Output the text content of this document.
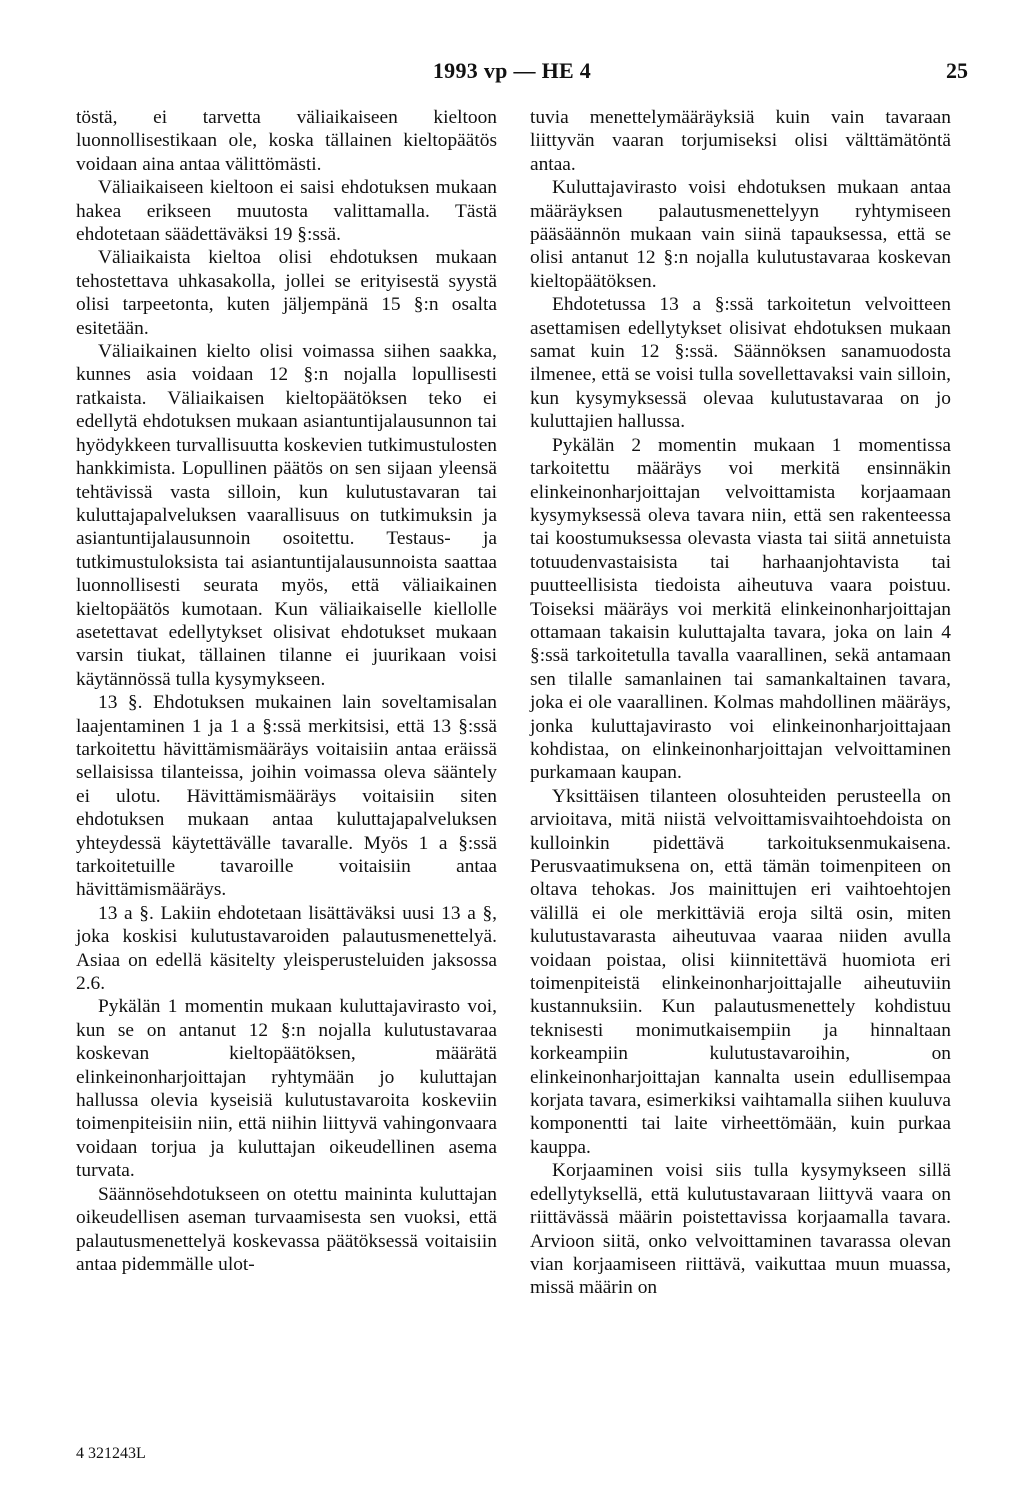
1993 vp — HE 4	25

töstä, ei tarvetta väliaikaiseen kieltoon luonnollisestikaan ole, koska tällainen kieltopäätös voidaan aina antaa välittömästi.

Väliaikaiseen kieltoon ei saisi ehdotuksen mukaan hakea erikseen muutosta valittamalla. Tästä ehdotetaan säädettäväksi 19 §:ssä.

Väliaikaista kieltoa olisi ehdotuksen mukaan tehostettava uhkasakolla, jollei se erityisestä syystä olisi tarpeetonta, kuten jäljempänä 15 §:n osalta esitetään.

Väliaikainen kielto olisi voimassa siihen saakka, kunnes asia voidaan 12 §:n nojalla lopullisesti ratkaista. Väliaikaisen kieltopäätöksen teko ei edellytä ehdotuksen mukaan asiantuntijalausunnon tai hyödykkeen turvallisuutta koskevien tutkimustulosten hankkimista. Lopullinen päätös on sen sijaan yleensä tehtävissä vasta silloin, kun kulutustavaran tai kuluttajapalveluksen vaarallisuus on tutkimuksin ja asiantuntijalausunnoin osoitettu. Testaus- ja tutkimustuloksista tai asiantuntijalausunnoista saattaa luonnollisesti seurata myös, että väliaikainen kieltopäätös kumotaan. Kun väliaikaiselle kiellolle asetettavat edellytykset olisivat ehdotukset mukaan varsin tiukat, tällainen tilanne ei juurikaan voisi käytännössä tulla kysymykseen.

13 §. Ehdotuksen mukainen lain soveltamisalan laajentaminen 1 ja 1 a §:ssä merkitsisi, että 13 §:ssä tarkoitettu hävittämismääräys voitaisiin antaa eräissä sellaisissa tilanteissa, joihin voimassa oleva sääntely ei ulotu. Hävittämismääräys voitaisiin siten ehdotuksen mukaan antaa kuluttajapalveluksen yhteydessä käytettävälle tavaralle. Myös 1 a §:ssä tarkoitetuille tavaroille voitaisiin antaa hävittämismääräys.

13 a §. Lakiin ehdotetaan lisättäväksi uusi 13 a §, joka koskisi kulutustavaroiden palautusmenettelyä. Asiaa on edellä käsitelty yleisperusteluiden jaksossa 2.6.

Pykälän 1 momentin mukaan kuluttajavirasto voi, kun se on antanut 12 §:n nojalla kulutustavaraa koskevan kieltopäätöksen, määrätä elinkeinonharjoittajan ryhtymään jo kuluttajan hallussa olevia kyseisiä kulutustavaroita koskeviin toimenpiteisiin niin, että niihin liittyvä vahingonvaara voidaan torjua ja kuluttajan oikeudellinen asema turvata.

Säännösehdotukseen on otettu maininta kuluttajan oikeudellisen aseman turvaamisesta sen vuoksi, että palautusmenettelyä koskevassa päätöksessä voitaisiin antaa pidemmälle ulot-

tuvia menettelymääräyksiä kuin vain tavaraan liittyvän vaaran torjumiseksi olisi välttämätöntä antaa.

Kuluttajavirasto voisi ehdotuksen mukaan antaa määräyksen palautusmenettelyyn ryhtymiseen pääsäännön mukaan vain siinä tapauksessa, että se olisi antanut 12 §:n nojalla kulutustavaraa koskevan kieltopäätöksen.

Ehdotetussa 13 a §:ssä tarkoitetun velvoitteen asettamisen edellytykset olisivat ehdotuksen mukaan samat kuin 12 §:ssä. Säännöksen sanamuodosta ilmenee, että se voisi tulla sovellettavaksi vain silloin, kun kysymyksessä olevaa kulutustavaraa on jo kuluttajien hallussa.

Pykälän 2 momentin mukaan 1 momentissa tarkoitettu määräys voi merkitä ensinnäkin elinkeinonharjoittajan velvoittamista korjaamaan kysymyksessä oleva tavara niin, että sen rakenteessa tai koostumuksessa olevasta viasta tai siitä annetuista totuudenvastaisista tai harhaanjohtavista tai puutteellisista tiedoista aiheutuva vaara poistuu. Toiseksi määräys voi merkitä elinkeinonharjoittajan ottamaan takaisin kuluttajalta tavara, joka on lain 4 §:ssä tarkoitetulla tavalla vaarallinen, sekä antamaan sen tilalle samanlainen tai samankaltainen tavara, joka ei ole vaarallinen. Kolmas mahdollinen määräys, jonka kuluttajavirasto voi elinkeinonharjoittajaan kohdistaa, on elinkeinonharjoittajan velvoittaminen purkamaan kaupan.

Yksittäisen tilanteen olosuhteiden perusteella on arvioitava, mitä niistä velvoittamisvaihtoehdoista on kulloinkin pidettävä tarkoituksenmukaisena. Perusvaatimuksena on, että tämän toimenpiteen on oltava tehokas. Jos mainittujen eri vaihtoehtojen välillä ei ole merkittäviä eroja siltä osin, miten kulutustavarasta aiheutuvaa vaaraa niiden avulla voidaan poistaa, olisi kiinnitettävä huomiota eri toimenpiteistä elinkeinonharjoittajalle aiheutuviin kustannuksiin. Kun palautusmenettely kohdistuu teknisesti monimutkaisempiin ja hinnaltaan korkeampiin kulutustavaroihin, on elinkeinonharjoittajan kannalta usein edullisempaa korjata tavara, esimerkiksi vaihtamalla siihen kuuluva komponentti tai laite virheettömään, kuin purkaa kauppa.

Korjaaminen voisi siis tulla kysymykseen sillä edellytyksellä, että kulutustavaraan liittyvä vaara on riittävässä määrin poistettavissa korjaamalla tavara. Arvioon siitä, onko velvoittaminen tavarassa olevan vian korjaamiseen riittävä, vaikuttaa muun muassa, missä määrin on

4 321243L
